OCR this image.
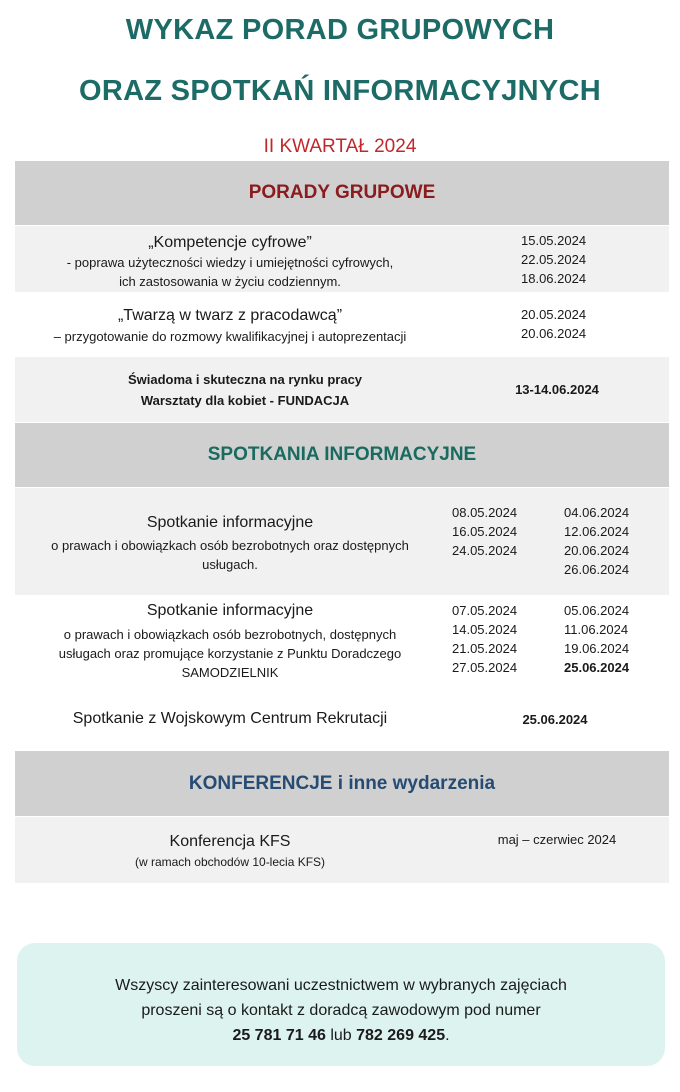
WYKAZ PORAD GRUPOWYCH
ORAZ SPOTKAŃ INFORMACYJNYCH
II KWARTAŁ 2024
PORADY GRUPOWE
„Kompetencje cyfrowe”
- poprawa użyteczności wiedzy i umiejętności cyfrowych,
ich zastosowania w życiu codziennym.
15.05.2024
22.05.2024
18.06.2024
„Twarzą w twarz z pracodawcą”
– przygotowanie do rozmowy kwalifikacyjnej i autoprezentacji
20.05.2024
20.06.2024
Świadoma i skuteczna na rynku pracy
Warsztaty dla kobiet - FUNDACJA
13-14.06.2024
SPOTKANIA INFORMACYJNE
Spotkanie informacyjne
o prawach i obowiązkach osób bezrobotnych oraz dostępnych
usługach.
08.05.2024
16.05.2024
24.05.2024
04.06.2024
12.06.2024
20.06.2024
26.06.2024
Spotkanie informacyjne
o prawach i obowiązkach osób bezrobotnych, dostępnych
usługach oraz promujące korzystanie z Punktu Doradczego
SAMODZIELNIK
07.05.2024
14.05.2024
21.05.2024
27.05.2024
05.06.2024
11.06.2024
19.06.2024
25.06.2024
Spotkanie z Wojskowym Centrum Rekrutacji	25.06.2024
KONFERENCJE i inne wydarzenia
Konferencja KFS
(w ramach obchodów 10-lecia KFS)
maj – czerwiec 2024
Wszyscy zainteresowani uczestnictwem w wybranych zajęciach
proszeni są o kontakt z doradcą zawodowym pod numer
25 781 71 46 lub 782 269 425.
